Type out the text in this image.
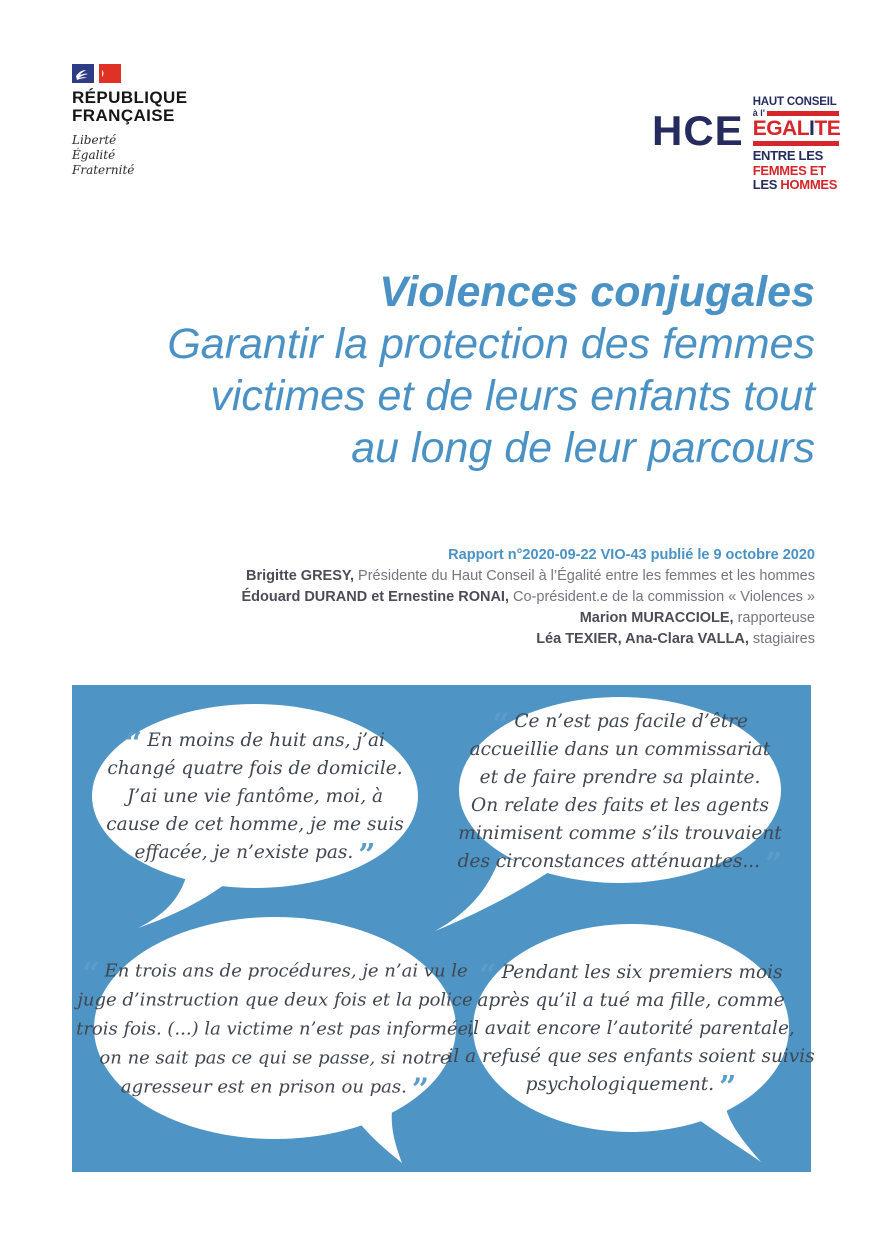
RÉPUBLIQUE
FRANÇAISE
Liberté
Égalité
Fraternité
HCE
HAUT CONSEIL
à l'
EGALITE
ENTRE LES
FEMMES ET
LES HOMMES
Violences conjugales
Garantir la protection des femmes
victimes et de leurs enfants tout
au long de leur parcours
Rapport n°2020-09-22 VIO-43 publié le 9 octobre 2020
Brigitte GRESY, Présidente du Haut Conseil à l’Égalité entre les femmes et les hommes
Édouard DURAND et Ernestine RONAI, Co-président.e de la commission « Violences »
Marion MURACCIOLE, rapporteuse
Léa TEXIER, Ana-Clara VALLA, stagiaires
“ En moins de huit ans, j’ai
changé quatre fois de domicile.
J’ai une vie fantôme, moi, à
cause de cet homme, je me suis
effacée, je n’existe pas. ”
“ Ce n’est pas facile d’être
accueillie dans un commissariat
et de faire prendre sa plainte.
On relate des faits et les agents
minimisent comme s’ils trouvaient
des circonstances atténuantes... ”
“ En trois ans de procédures, je n’ai vu le
juge d’instruction que deux fois et la police
trois fois. (...) la victime n’est pas informée,
on ne sait pas ce qui se passe, si notre
agresseur est en prison ou pas. ”
“ Pendant les six premiers mois
après qu’il a tué ma fille, comme
il avait encore l’autorité parentale,
il a refusé que ses enfants soient suivis
psychologiquement. ”
